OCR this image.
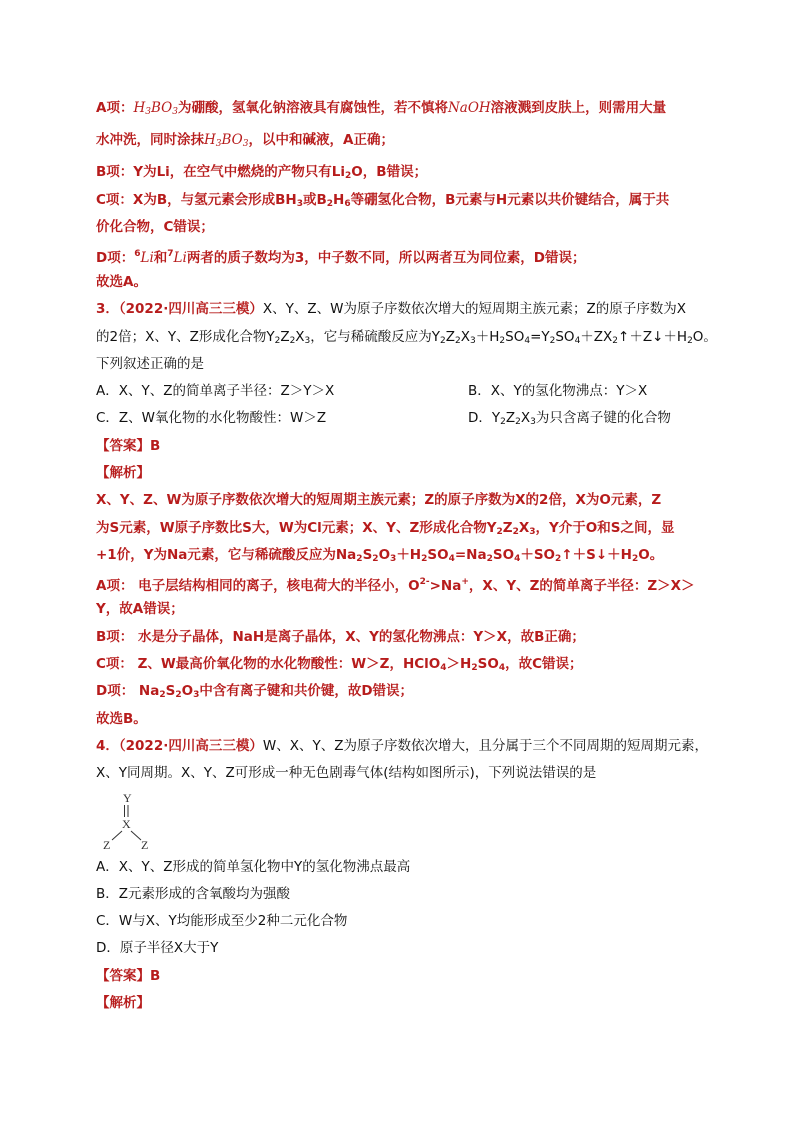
A项：$H_3BO_3$为硼酸，氢氧化钠溶液具有腐蚀性，若不慎将NaOH溶液溅到皮肤上，则需用大量
水冲洗，同时涂抹$H_3BO_3$，以中和碱液，A正确；
B项：Y为Li，在空气中燃烧的产物只有$Li_2O$，B错误；
C项：X为B，与氢元素会形成$BH_3$或$B_2H_6$等硼氢化合物，B元素与H元素以共价键结合，属于共
价化合物，C错误；
D项：$^6$Li和$^7$Li两者的质子数均为3，中子数不同，所以两者互为同位素，D错误；
故选A。
3．（2022·四川高三三模）X、Y、Z、W为原子序数依次增大的短周期主族元素；Z的原子序数为X
的2倍；X、Y、Z形成化合物$Y_2Z_2X_3$，它与稀硫酸反应为$Y_2Z_2X_3+H_2SO_4=Y_2SO_4+ZX_2↑+Z↓+H_2O$。
下列叙述正确的是
A．X、Y、Z的简单离子半径：Z＞Y＞X	B．X、Y的氢化物沸点：Y＞X
C．Z、W氧化物的水化物酸性：W＞Z	D．$Y_2Z_2X_3$为只含离子键的化合物
【答案】B
【解析】
X、Y、Z、W为原子序数依次增大的短周期主族元素；Z的原子序数为X的2倍，X为O元素，Z
为S元素，W原子序数比S大，W为Cl元素；X、Y、Z形成化合物$Y_2Z_2X_3$，Y介于O和S之间，显
+1价，Y为Na元素，它与稀硫酸反应为$Na_2S_2O_3+H_2SO_4=Na_2SO_4+SO_2↑+S↓+H_2O$。
A项： 电子层结构相同的离子，核电荷大的半径小，$O^{2-}>Na^+$，X、Y、Z的简单离子半径：Z＞X＞
Y，故A错误；
B项： 水是分子晶体，NaH是离子晶体，X、Y的氢化物沸点：Y＞X，故B正确；
C项： Z、W最高价氧化物的水化物酸性：W＞Z，$HClO_4>H_2SO_4$，故C错误；
D项： $Na_2S_2O_3$中含有离子键和共价键，故D错误；
故选B。
4．（2022·四川高三三模）W、X、Y、Z为原子序数依次增大，且分属于三个不同周期的短周期元素，
X、Y同周期。X、Y、Z可形成一种无色剧毒气体(结构如图所示)，下列说法错误的是
Y
X
Z	Z
A．X、Y、Z形成的简单氢化物中Y的氢化物沸点最高
B．Z元素形成的含氧酸均为强酸
C．W与X、Y均能形成至少2种二元化合物
D．原子半径X大于Y
【答案】B
【解析】
